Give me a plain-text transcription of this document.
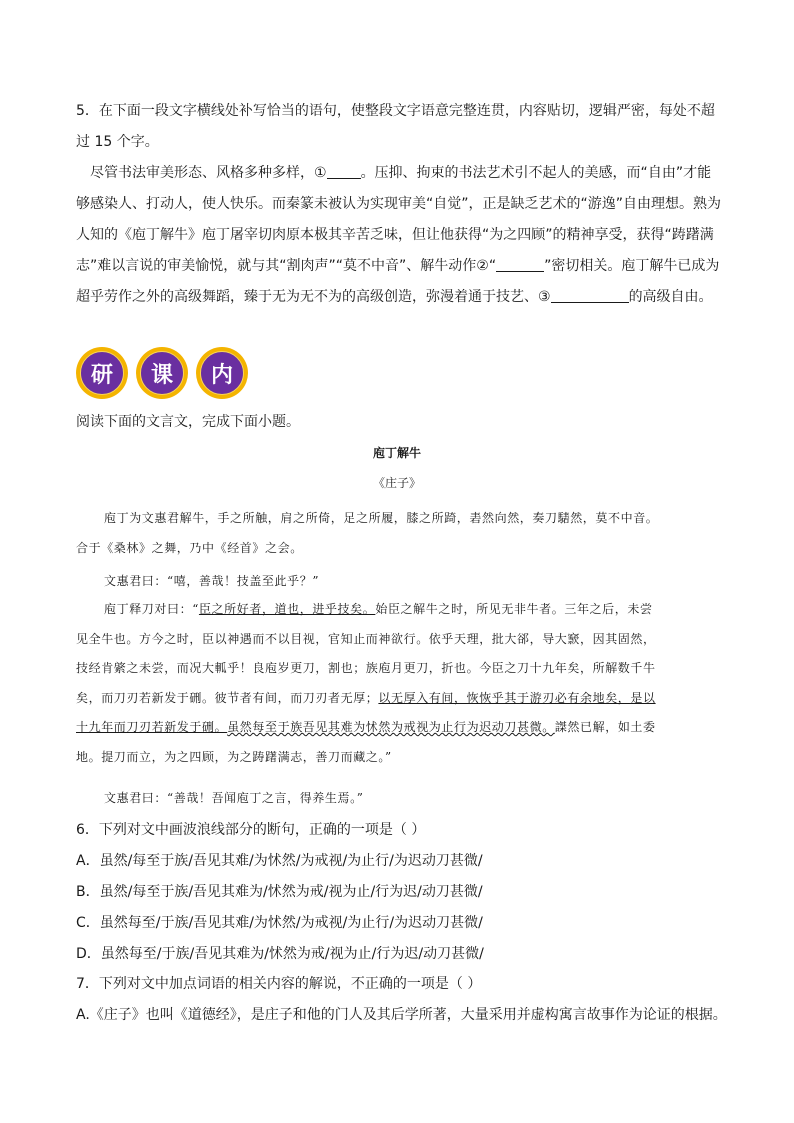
5．在下面一段文字横线处补写恰当的语句，使整段文字语意完整连贯，内容贴切，逻辑严密，每处不超
过 15 个字。

尽管书法审美形态、风格多种多样，① 。压抑、拘束的书法艺术引不起人的美感，而“自由”才能

够感染人、打动人，使人快乐。而秦篆未被认为实现审美“自觉”，正是缺乏艺术的“游逸”自由理想。熟为

人知的《庖丁解牛》庖丁屠宰切肉原本极其辛苦乏味，但让他获得“为之四顾”的精神享受，获得“踌躇满

志”难以言说的审美愉悦，就与其“割肉声”“莫不中音”、解牛动作②“	”密切相关。庖丁解牛已成为

超乎劳作之外的高级舞蹈，臻于无为无不为的高级创造，弥漫着通于技艺、③	的高级自由。

研	课	内
阅读下面的文言文，完成下面小题。
庖丁解牛
《庄子》

庖丁为文惠君解牛，手之所触，肩之所倚，足之所履，膝之所踦，砉然向然，奏刀騞然，莫不中音。

合于《桑林》之舞，乃中《经首》之会。

文惠君曰：“嘻，善哉！技盖至此乎？”

庖丁释刀对曰：“臣之所好者，道也，进乎技矣。始臣之解牛之时，所见无非牛者。三年之后，未尝

见全牛也。方今之时，臣以神遇而不以目视，官知止而神欲行。依乎天理，批大郤，导大窾，因其固然，

技经肯綮之未尝，而况大軱乎！良庖岁更刀，割也；族庖月更刀，折也。今臣之刀十九年矣，所解数千牛

矣，而刀刃若新发于硎。彼节者有间，而刀刃者无厚；以无厚入有间，恢恢乎其于游刃必有余地矣，是以

十九年而刀刃若新发于硎。虽然每至于族吾见其难为怵然为戒视为止行为迟动刀甚微。謋然已解，如土委

地。提刀而立，为之四顾，为之踌躇满志，善刀而藏之。”

文惠君曰：“善哉！吾闻庖丁之言，得养生焉。”

6．下列对文中画波浪线部分的断句，正确的一项是（ ）

A．虽然/每至于族/吾见其难/为怵然/为戒视/为止行/为迟动刀甚微/

B．虽然/每至于族/吾见其难为/怵然为戒/视为止/行为迟/动刀甚微/

C．虽然每至/于族/吾见其难/为怵然/为戒视/为止行/为迟动刀甚微/

D．虽然每至/于族/吾见其难为/怵然为戒/视为止/行为迟/动刀甚微/

7．下列对文中加点词语的相关内容的解说，不正确的一项是（ ）

A.《庄子》也叫《道德经》，是庄子和他的门人及其后学所著，大量采用并虚构寓言故事作为论证的根据。
